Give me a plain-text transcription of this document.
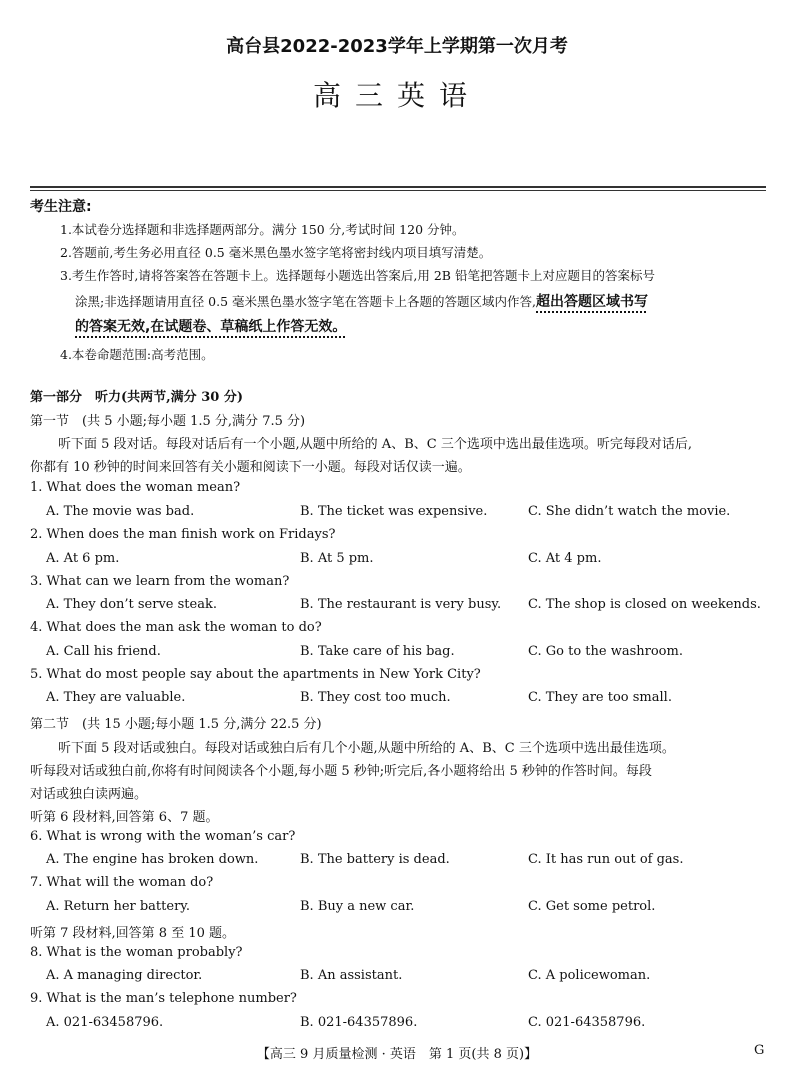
高台县2022-2023学年上学期第一次月考
高三英语
考生注意:
1.本试卷分选择题和非选择题两部分。满分 150 分,考试时间 120 分钟。
2.答题前,考生务必用直径 0.5 毫米黑色墨水签字笔将密封线内项目填写清楚。
3.考生作答时,请将答案答在答题卡上。选择题每小题选出答案后,用 2B 铅笔把答题卡上对应题目的答案标号
涂黑;非选择题请用直径 0.5 毫米黑色墨水签字笔在答题卡上各题的答题区域内作答,超出答题区域书写
的答案无效,在试题卷、草稿纸上作答无效。
4.本卷命题范围:高考范围。
第一部分　听力(共两节,满分 30 分)
第一节　(共 5 小题;每小题 1.5 分,满分 7.5 分)
听下面 5 段对话。每段对话后有一个小题,从题中所给的 A、B、C 三个选项中选出最佳选项。听完每段对话后,
你都有 10 秒钟的时间来回答有关小题和阅读下一小题。每段对话仅读一遍。
1. What does the woman mean?
A. The movie was bad.	B. The ticket was expensive.	C. She didn’t watch the movie.
2. When does the man finish work on Fridays?
A. At 6 pm.	B. At 5 pm.	C. At 4 pm.
3. What can we learn from the woman?
A. They don’t serve steak.	B. The restaurant is very busy. C. The shop is closed on weekends.
4. What does the man ask the woman to do?
A. Call his friend.	B. Take care of his bag.	C. Go to the washroom.
5. What do most people say about the apartments in New York City?
A. They are valuable.	B. They cost too much.	C. They are too small.
第二节　(共 15 小题;每小题 1.5 分,满分 22.5 分)
听下面 5 段对话或独白。每段对话或独白后有几个小题,从题中所给的 A、B、C 三个选项中选出最佳选项。
听每段对话或独白前,你将有时间阅读各个小题,每小题 5 秒钟;听完后,各小题将给出 5 秒钟的作答时间。每段
对话或独白读两遍。
听第 6 段材料,回答第 6、7 题。
6. What is wrong with the woman’s car?
A. The engine has broken down.	B. The battery is dead.	C. It has run out of gas.
7. What will the woman do?
A. Return her battery.	B. Buy a new car.	C. Get some petrol.
听第 7 段材料,回答第 8 至 10 题。
8. What is the woman probably?
A. A managing director.	B. An assistant.	C. A policewoman.
9. What is the man’s telephone number?
A. 021-63458796.	B. 021-64357896.	C. 021-64358796.
【高三 9 月质量检测 · 英语　第 1 页(共 8 页)】	G
